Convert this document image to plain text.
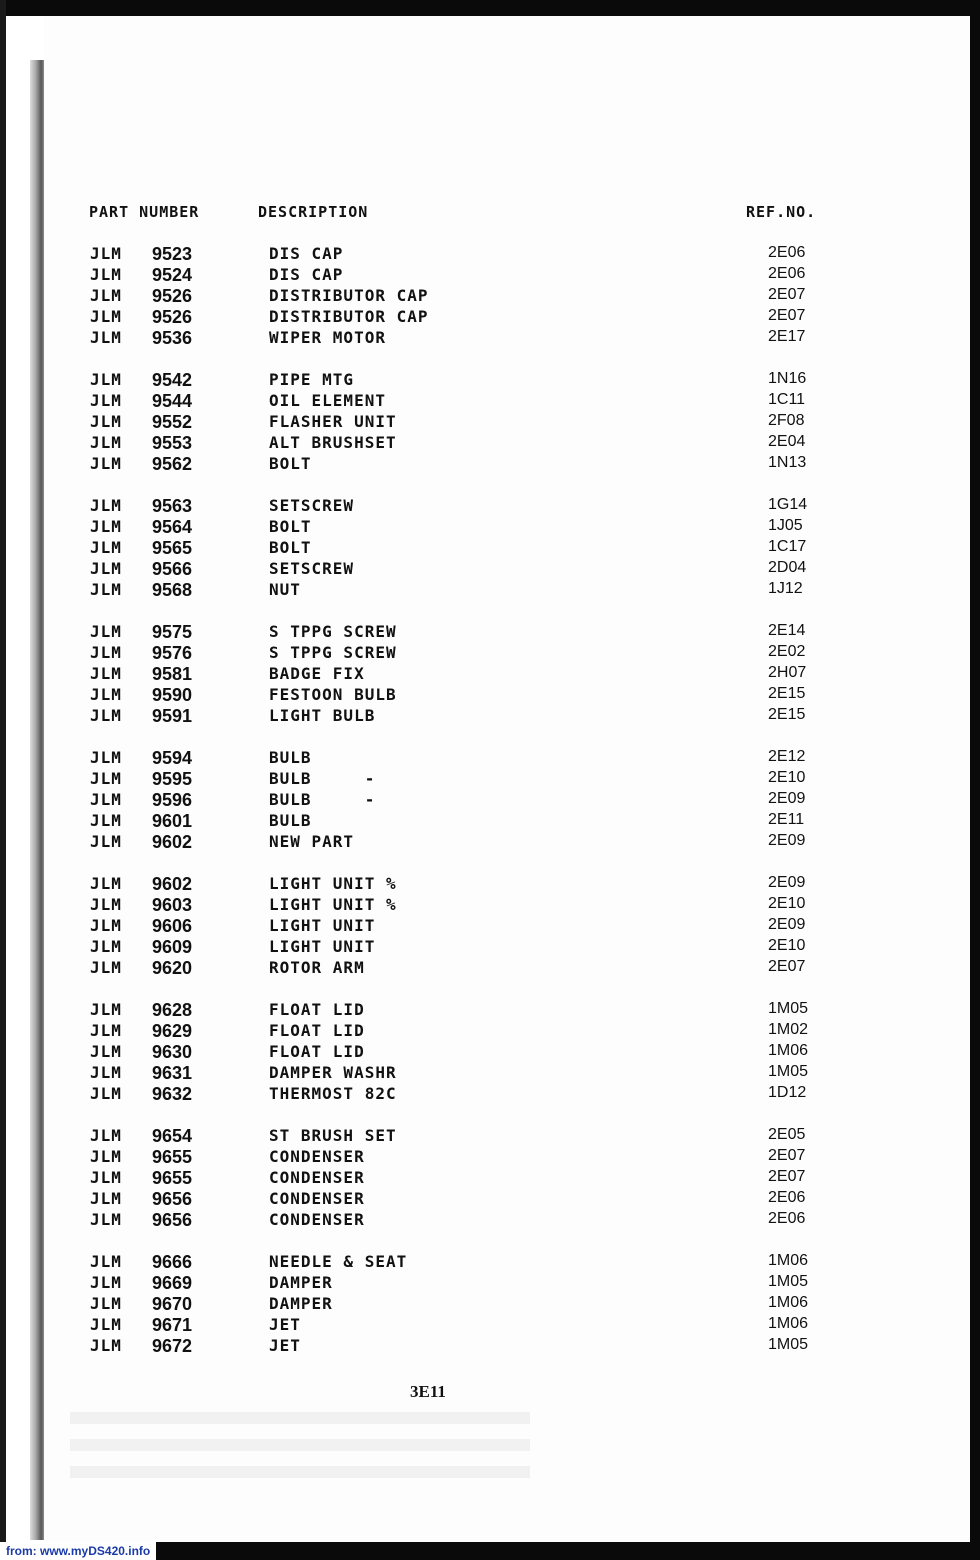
PART NUMBER	DESCRIPTION	REF.NO.
JLM 9523	DIS CAP	2E06
JLM 9524	DIS CAP	2E06
JLM 9526	DISTRIBUTOR CAP	2E07
JLM 9526	DISTRIBUTOR CAP	2E07
JLM 9536	WIPER MOTOR	2E17
JLM 9542	PIPE MTG	1N16
JLM 9544	OIL ELEMENT	1C11
JLM 9552	FLASHER UNIT	2F08
JLM 9553	ALT BRUSHSET	2E04
JLM 9562	BOLT	1N13
JLM 9563	SETSCREW	1G14
JLM 9564	BOLT	1J05
JLM 9565	BOLT	1C17
JLM 9566	SETSCREW	2D04
JLM 9568	NUT	1J12
JLM 9575	S TPPG SCREW	2E14
JLM 9576	S TPPG SCREW	2E02
JLM 9581	BADGE FIX	2H07
JLM 9590	FESTOON BULB	2E15
JLM 9591	LIGHT BULB	2E15
JLM 9594	BULB	2E12
JLM 9595	BULB     -	2E10
JLM 9596	BULB     -	2E09
JLM 9601	BULB	2E11
JLM 9602	NEW PART	2E09
JLM 9602	LIGHT UNIT %	2E09
JLM 9603	LIGHT UNIT %	2E10
JLM 9606	LIGHT UNIT	2E09
JLM 9609	LIGHT UNIT	2E10
JLM 9620	ROTOR ARM	2E07
JLM 9628	FLOAT LID	1M05
JLM 9629	FLOAT LID	1M02
JLM 9630	FLOAT LID	1M06
JLM 9631	DAMPER WASHR	1M05
JLM 9632	THERMOST 82C	1D12
JLM 9654	ST BRUSH SET	2E05
JLM 9655	CONDENSER	2E07
JLM 9655	CONDENSER	2E07
JLM 9656	CONDENSER	2E06
JLM 9656	CONDENSER	2E06
JLM 9666	NEEDLE & SEAT	1M06
JLM 9669	DAMPER	1M05
JLM 9670	DAMPER	1M06
JLM 9671	JET	1M06
JLM 9672	JET	1M05
3E11
from: www.myDS420.info
